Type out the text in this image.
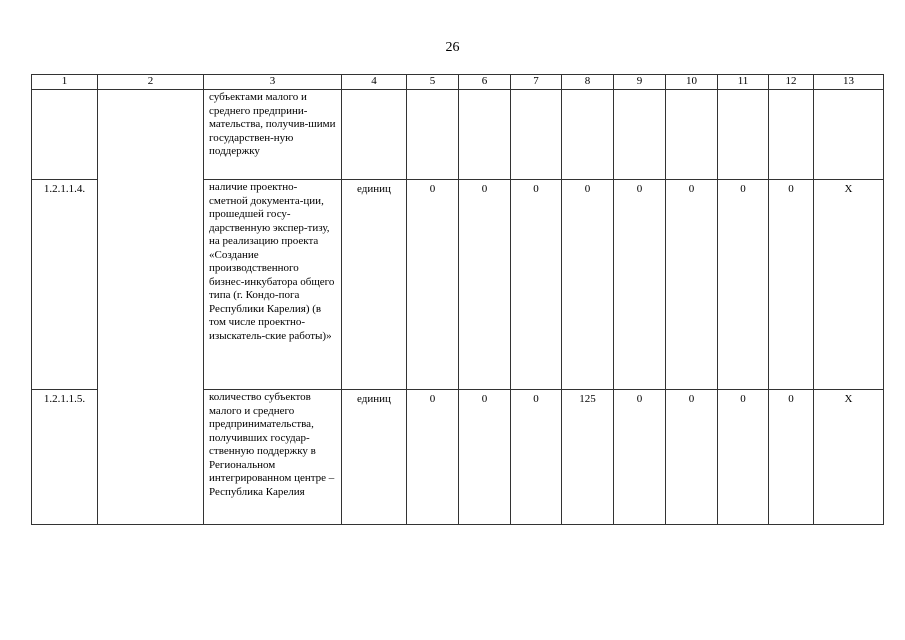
26
1	2	3	4	5	6	7	8	9	10	11	12	13
		субъектами малого и среднего предприни-мательства, получив-шими государствен-ную поддержку										
1.2.1.1.4.		наличие проектно-сметной документа-ции, прошедшей госу-дарственную экспер-тизу, на реализацию проекта «Создание производственного бизнес-инкубатора общего типа (г. Кондо-пога Республики Карелия) (в том числе проектно-изыскатель-ские работы)»	единиц	0	0	0	0	0	0	0	0	Х
1.2.1.1.5.		количество субъектов малого и среднего предпринимательства, получивших государ-ственную поддержку в Региональном интегрированном центре – Республика Карелия	единиц	0	0	0	125	0	0	0	0	Х
